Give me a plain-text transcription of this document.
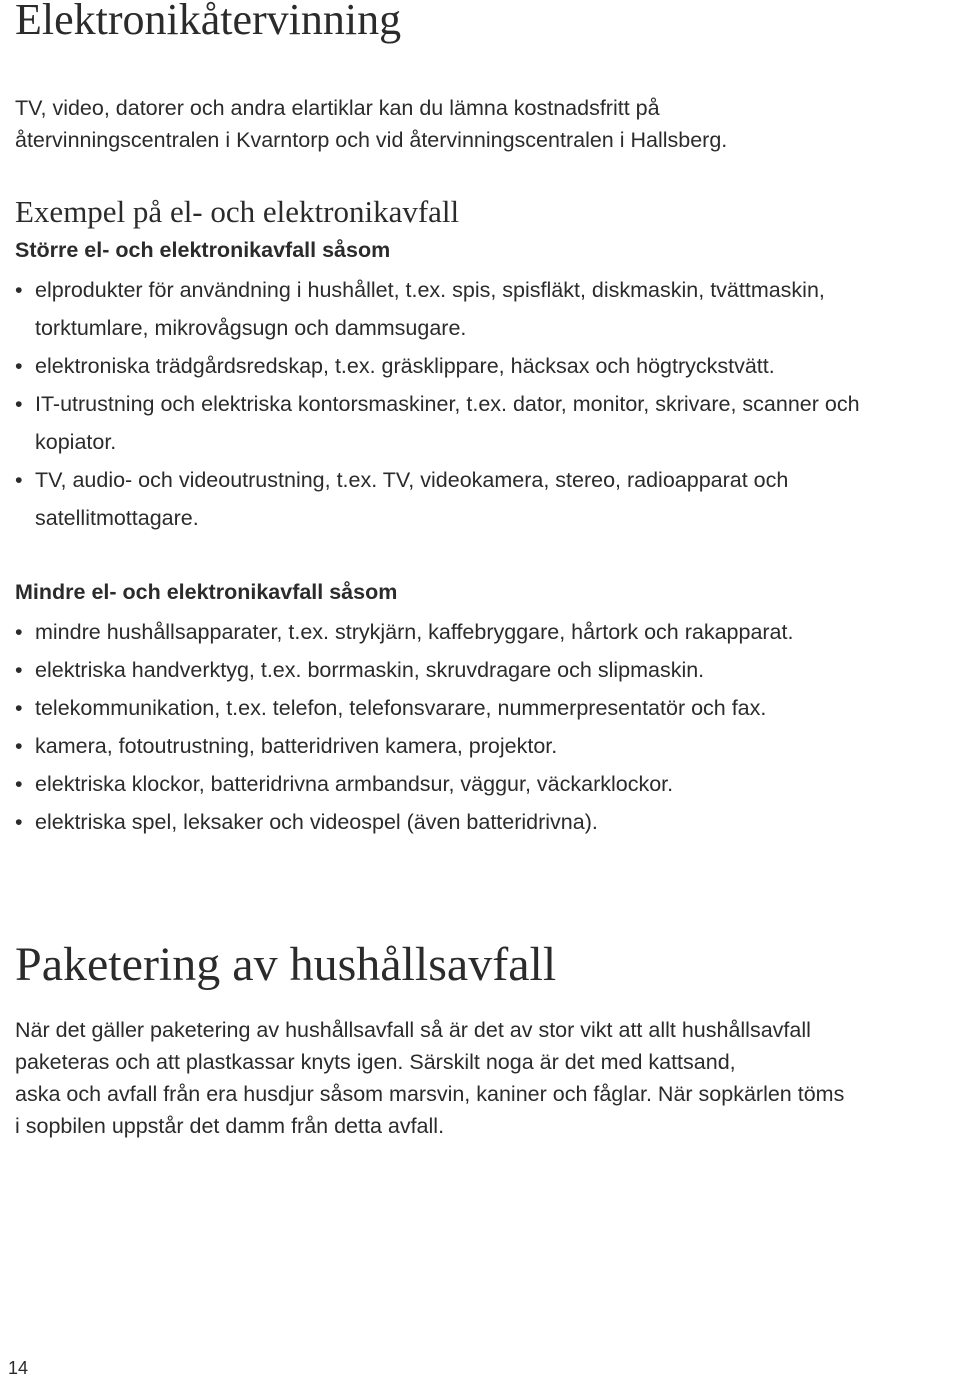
Elektronikåtervinning

TV, video, datorer och andra elartiklar kan du lämna kostnadsfritt på
återvinningscentralen i Kvarntorp och vid återvinningscentralen i Hallsberg.

Exempel på el- och elektronikavfall

Större el- och elektronikavfall såsom

• elprodukter för användning i hushållet, t.ex. spis, spisfläkt, diskmaskin, tvättmaskin,
torktumlare, mikrovågsugn och dammsugare.
• elektroniska trädgårdsredskap, t.ex. gräsklippare, häcksax och högtryckstvätt.
• IT-utrustning och elektriska kontorsmaskiner, t.ex. dator, monitor, skrivare, scanner och
kopiator.
• TV, audio- och videoutrustning, t.ex. TV, videokamera, stereo, radioapparat och
satellitmottagare.

Mindre el- och elektronikavfall såsom

• mindre hushållsapparater, t.ex. strykjärn, kaffebryggare, hårtork och rakapparat.
• elektriska handverktyg, t.ex. borrmaskin, skruvdragare och slipmaskin.
• telekommunikation, t.ex. telefon, telefonsvarare, nummerpresentatör och fax.
• kamera, fotoutrustning, batteridriven kamera, projektor.
• elektriska klockor, batteridrivna armbandsur, väggur, väckarklockor.
• elektriska spel, leksaker och videospel (även batteridrivna).
Paketering av hushållsavfall

När det gäller paketering av hushållsavfall så är det av stor vikt att allt hushållsavfall
paketeras och att plastkassar knyts igen. Särskilt noga är det med kattsand,
aska och avfall från era husdjur såsom marsvin, kaniner och fåglar. När sopkärlen töms
i sopbilen uppstår det damm från detta avfall.

14
